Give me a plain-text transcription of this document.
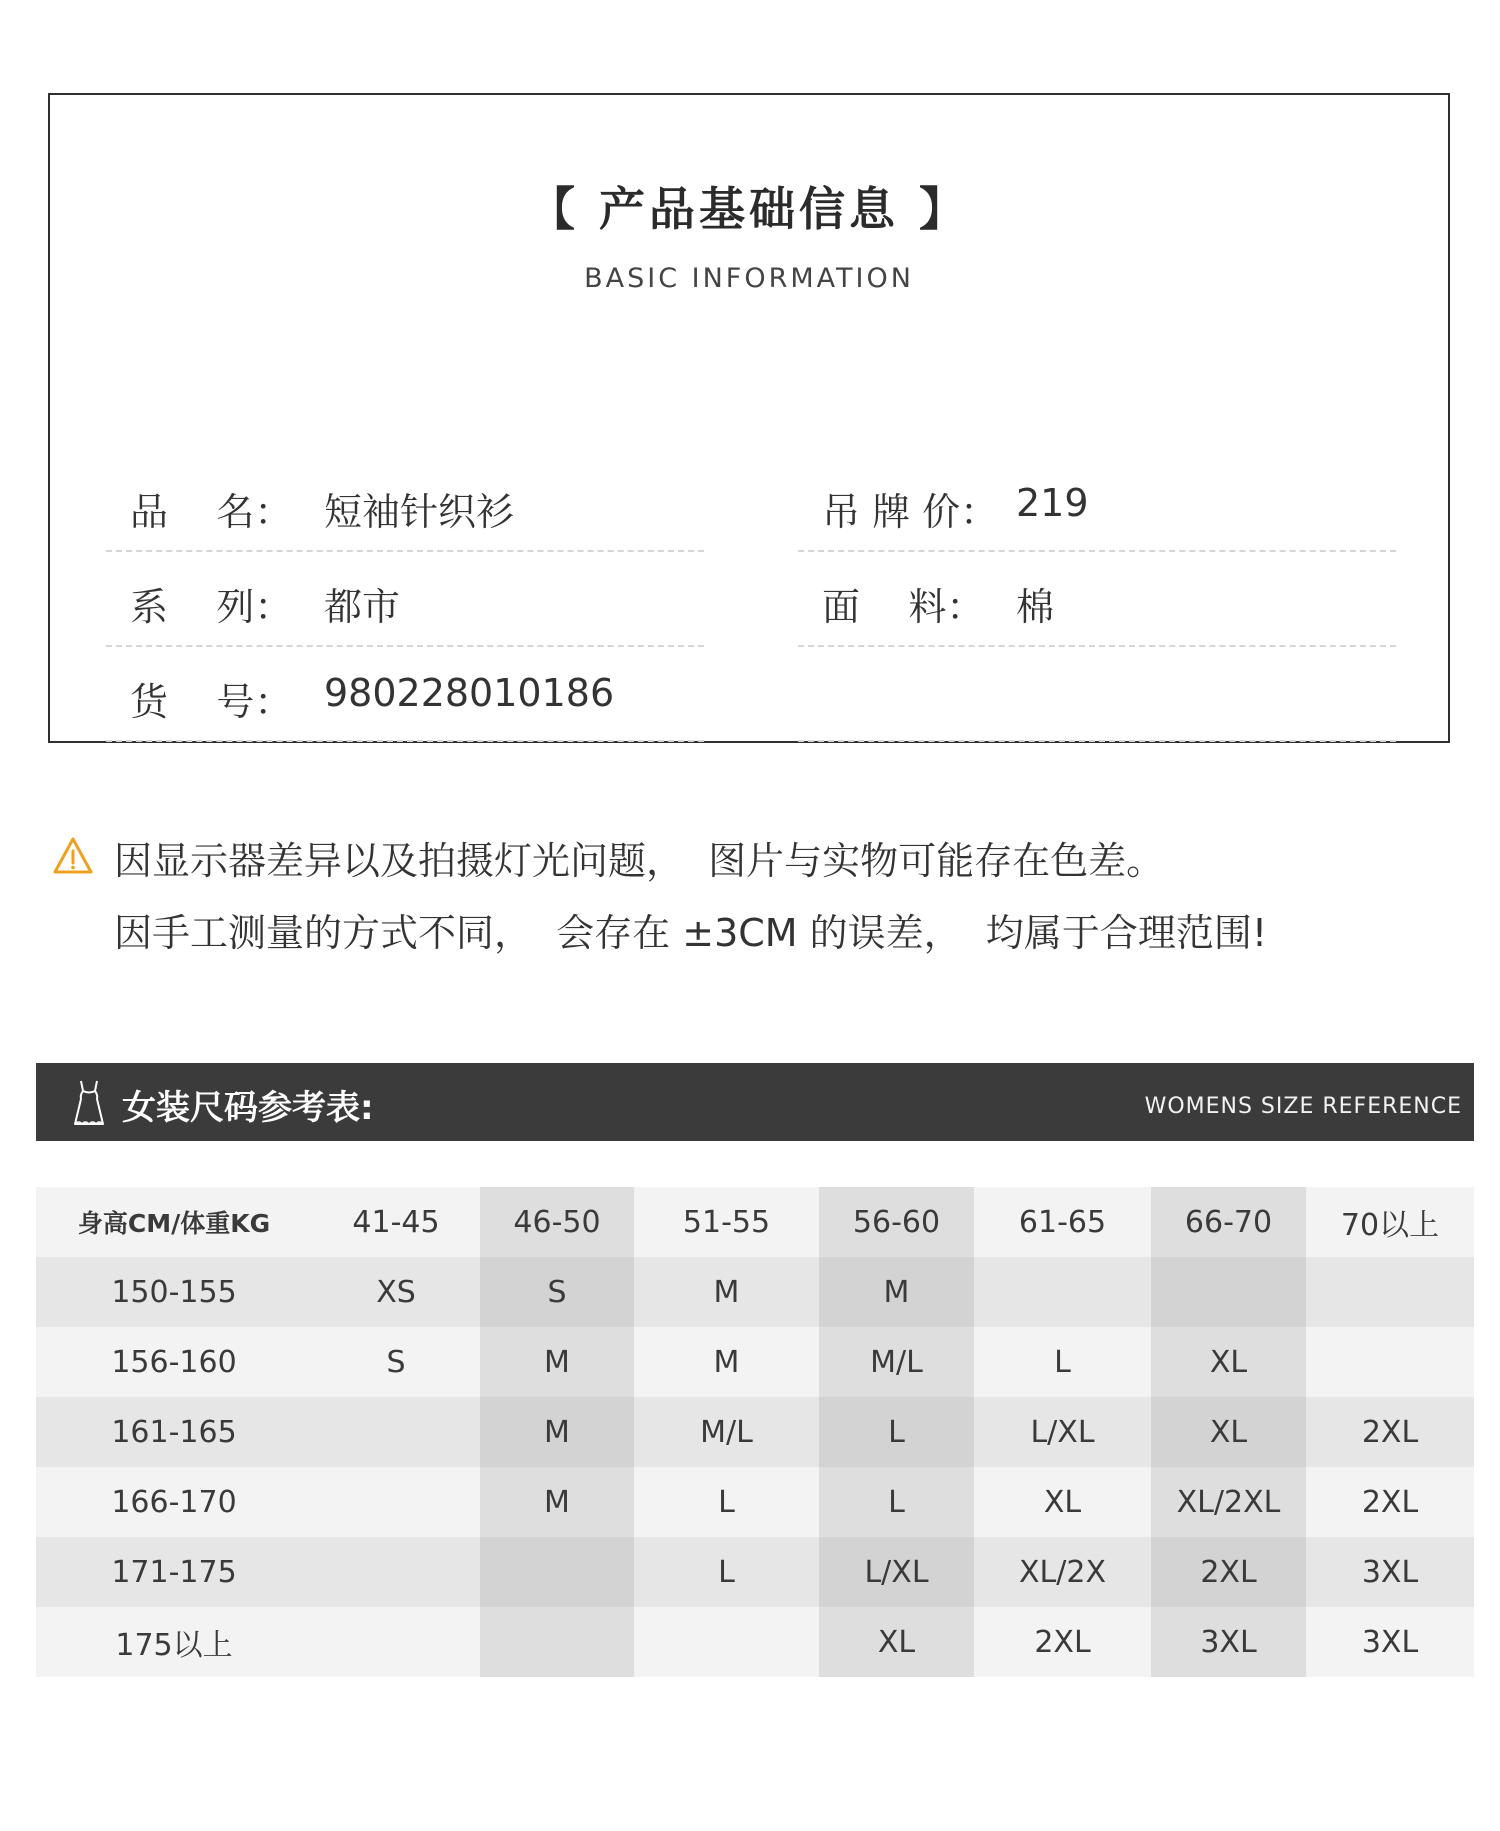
【 产品基础信息 】
BASIC INFORMATION
品    名： 短袖针织衫	吊 牌 价： 219
系    列： 都市	面    料： 棉
货    号： 980228010186
因显示器差异以及拍摄灯光问题，  图片与实物可能存在色差。
因手工测量的方式不同，  会存在 ±3CM 的误差，  均属于合理范围!
女装尺码参考表:	WOMENS SIZE REFERENCE
身高CM/体重KG	41-45	46-50	51-55	56-60	61-65	66-70	70以上
150-155	XS	S	M	M			
156-160	S	M	M	M/L	L	XL	
161-165		M	M/L	L	L/XL	XL	2XL
166-170		M	L	L	XL	XL/2XL	2XL
171-175			L	L/XL	XL/2X	2XL	3XL
175以上				XL	2XL	3XL	3XL
